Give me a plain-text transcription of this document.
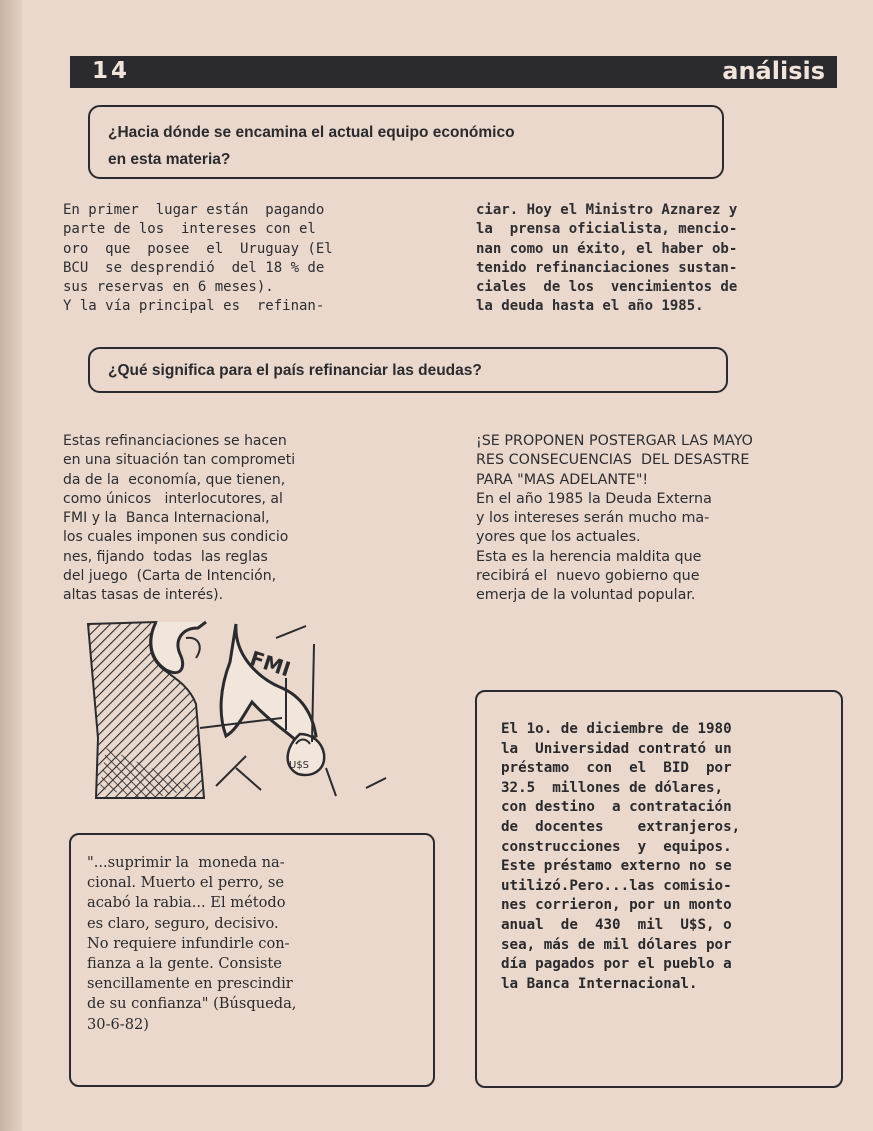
14	análisis
¿Hacia dónde se encamina el actual equipo económico
en esta materia?
En primer  lugar están  pagando
parte de los  intereses con el
oro  que  posee  el  Uruguay (El
BCU  se desprendió  del 18 % de
sus reservas en 6 meses).
Y la vía principal es  refinan-
ciar. Hoy el Ministro Aznarez y
la  prensa oficialista, mencio-
nan como un éxito, el haber ob-
tenido refinanciaciones sustan-
ciales  de los  vencimientos de
la deuda hasta el año 1985.
¿Qué significa para el país refinanciar las deudas?
Estas refinanciaciones se hacen
en una situación tan comprometi
da de la  economía, que tienen,
como únicos   interlocutores, al
FMI y la  Banca Internacional,
los cuales imponen sus condicio
nes, fijando  todas  las reglas
del juego  (Carta de Intención,
altas tasas de interés).
¡SE PROPONEN POSTERGAR LAS MAYO
RES CONSECUENCIAS  DEL DESASTRE
PARA "MAS ADELANTE"!
En el año 1985 la Deuda Externa
y los intereses serán mucho ma-
yores que los actuales.
Esta es la herencia maldita que
recibirá el  nuevo gobierno que
emerja de la voluntad popular.
FMI
U$S
"...suprimir la  moneda na-
cional. Muerto el perro, se
acabó la rabia... El método
es claro, seguro, decisivo.
No requiere infundirle con-
fianza a la gente. Consiste
sencillamente en prescindir
de su confianza" (Búsqueda,
30-6-82)
El 1o. de diciembre de 1980
la  Universidad contrató un
préstamo  con  el  BID  por
32.5  millones de dólares,
con destino  a contratación
de  docentes    extranjeros,
construcciones  y  equipos.
Este préstamo externo no se
utilizó.Pero...las comisio-
nes corrieron, por un monto
anual  de  430  mil  U$S, o
sea, más de mil dólares por
día pagados por el pueblo a
la Banca Internacional.
